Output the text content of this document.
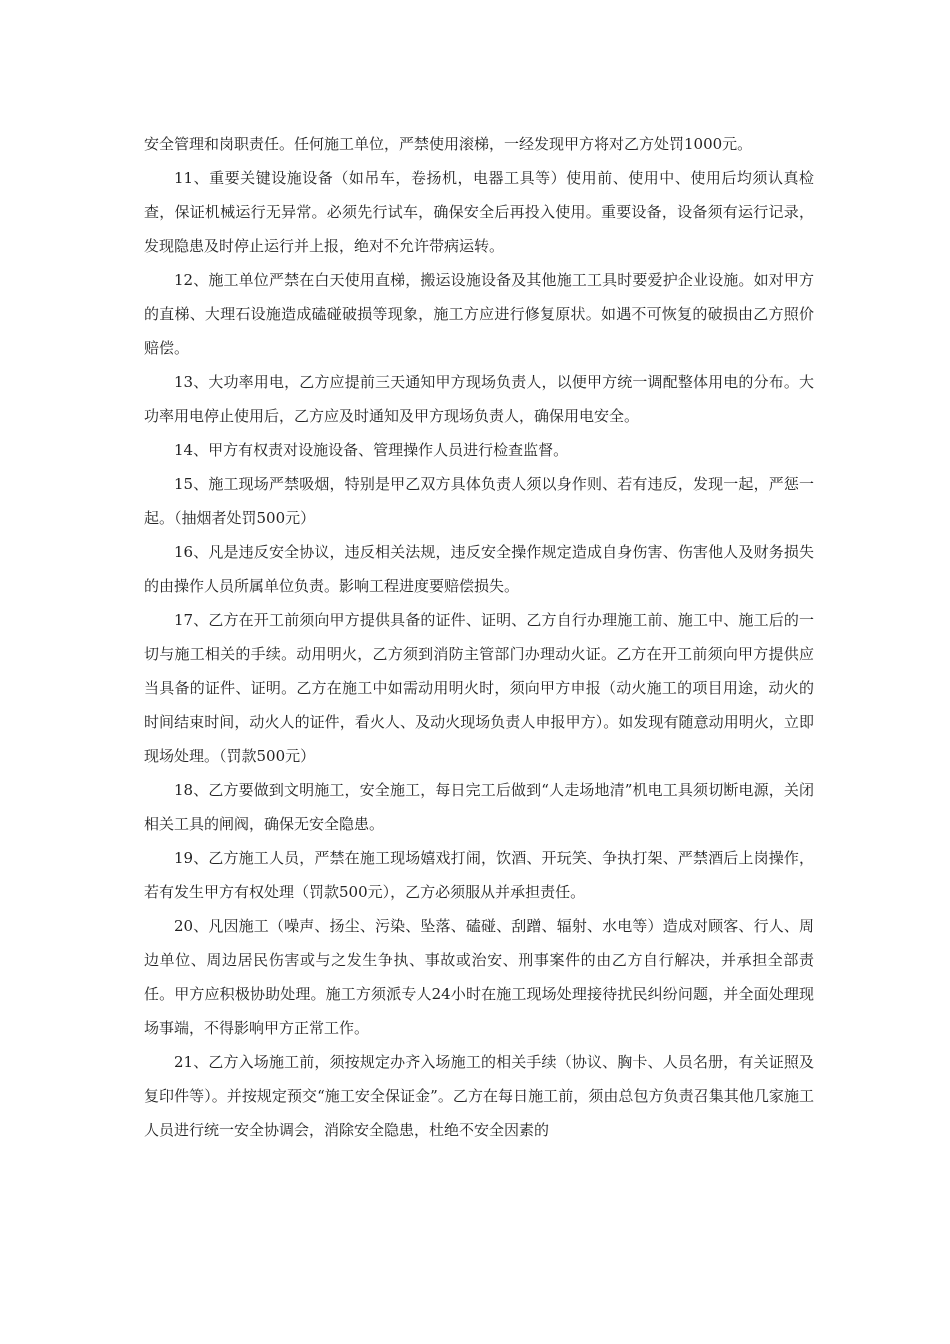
安全管理和岗职责任。任何施工单位，严禁使用滚梯，一经发现甲方将对乙方处罚1000元。

11、重要关键设施设备（如吊车，卷扬机，电器工具等）使用前、使用中、使用后均须认真检查，保证机械运行无异常。必须先行试车，确保安全后再投入使用。重要设备，设备须有运行记录，发现隐患及时停止运行并上报，绝对不允许带病运转。

12、施工单位严禁在白天使用直梯，搬运设施设备及其他施工工具时要爱护企业设施。如对甲方的直梯、大理石设施造成磕碰破损等现象，施工方应进行修复原状。如遇不可恢复的破损由乙方照价赔偿。

13、大功率用电，乙方应提前三天通知甲方现场负责人，以便甲方统一调配整体用电的分布。大功率用电停止使用后，乙方应及时通知及甲方现场负责人，确保用电安全。

14、甲方有权责对设施设备、管理操作人员进行检查监督。

15、施工现场严禁吸烟，特别是甲乙双方具体负责人须以身作则、若有违反，发现一起，严惩一起。（抽烟者处罚500元）

16、凡是违反安全协议，违反相关法规，违反安全操作规定造成自身伤害、伤害他人及财务损失的由操作人员所属单位负责。影响工程进度要赔偿损失。

17、乙方在开工前须向甲方提供具备的证件、证明、乙方自行办理施工前、施工中、施工后的一切与施工相关的手续。动用明火，乙方须到消防主管部门办理动火证。乙方在开工前须向甲方提供应当具备的证件、证明。乙方在施工中如需动用明火时，须向甲方申报（动火施工的项目用途，动火的时间结束时间，动火人的证件，看火人、及动火现场负责人申报甲方）。如发现有随意动用明火，立即现场处理。（罚款500元）

18、乙方要做到文明施工，安全施工，每日完工后做到“人走场地清”机电工具须切断电源，关闭相关工具的闸阀，确保无安全隐患。

19、乙方施工人员，严禁在施工现场嬉戏打闹，饮酒、开玩笑、争执打架、严禁酒后上岗操作，若有发生甲方有权处理（罚款500元），乙方必须服从并承担责任。

20、凡因施工（噪声、扬尘、污染、坠落、磕碰、刮蹭、辐射、水电等）造成对顾客、行人、周边单位、周边居民伤害或与之发生争执、事故或治安、刑事案件的由乙方自行解决，并承担全部责任。甲方应积极协助处理。施工方须派专人24小时在施工现场处理接待扰民纠纷问题，并全面处理现场事端，不得影响甲方正常工作。

21、乙方入场施工前，须按规定办齐入场施工的相关手续（协议、胸卡、人员名册，有关证照及复印件等）。并按规定预交“施工安全保证金”。乙方在每日施工前，须由总包方负责召集其他几家施工人员进行统一安全协调会，消除安全隐患，杜绝不安全因素的
